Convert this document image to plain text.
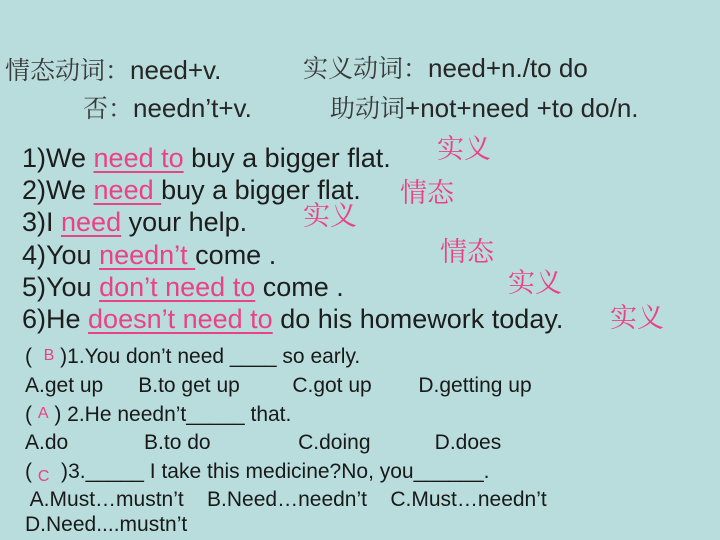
情态动词：need+v.	实义动词：need+n./to do
否：needn’t+v.	助动词+not+need +to do/n.
1)We need to buy a bigger flat.
2)We need buy a bigger flat.
3)I need your help.
4)You needn’t come .
5)You don’t need to come .
6)He doesn’t need to do his homework today.
实义
情态
实义
情态
实义
实义
(  B )1.You don’t need ____ so early.
A.get up      B.to get up         C.got up        D.getting up
( A ) 2.He needn’t_____ that.
A.do             B.to do               C.doing           D.does
( C  )3._____ I take this medicine?No, you______.
A.Must…mustn’t    B.Need…needn’t    C.Must…needn’t
D.Need....mustn’t
